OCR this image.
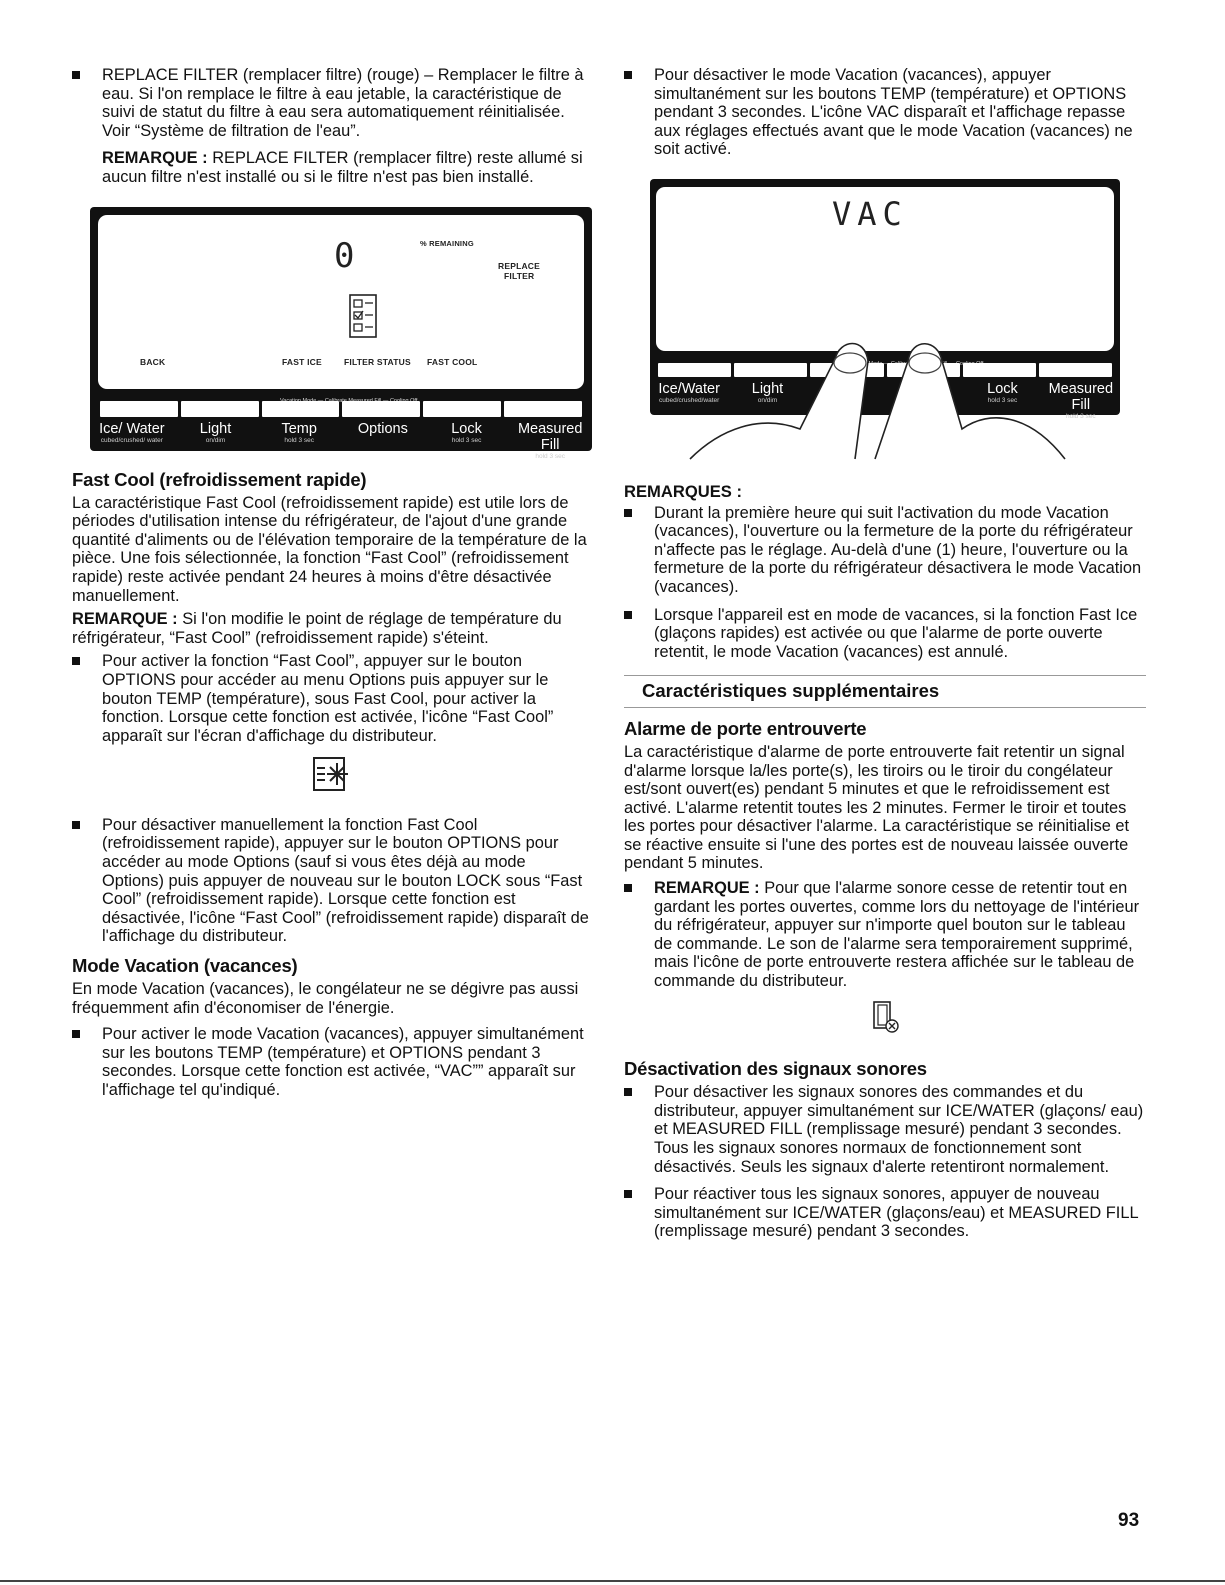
REPLACE FILTER (remplacer filtre) (rouge) – Remplacer le filtre à eau. Si l'on remplace le filtre à eau jetable, la caractéristique de suivi de statut du filtre à eau sera automatiquement réinitialisée. Voir “Système de filtration de l'eau”.

REMARQUE : REPLACE FILTER (remplacer filtre) reste allumé si aucun filtre n'est installé ou si le filtre n'est pas bien installé.

0	% REMAINING
REPLACE
FILTER
BACK	FAST ICE	FILTER STATUS FAST COOL
Ice/ Water
cubed/crushed/ water
Light
on/dim
Temp
hold 3 sec
Options	Lock
hold 3 sec
Measured Fill
hold 3 sec
Fast Cool (refroidissement rapide)

La caractéristique Fast Cool (refroidissement rapide) est utile lors de périodes d'utilisation intense du réfrigérateur, de l'ajout d'une grande quantité d'aliments ou de l'élévation temporaire de la température de la pièce. Une fois sélectionnée, la fonction “Fast Cool” (refroidissement rapide) reste activée pendant 24 heures à moins d'être désactivée manuellement.

REMARQUE : Si l'on modifie le point de réglage de température du réfrigérateur, “Fast Cool” (refroidissement rapide) s'éteint.

Pour activer la fonction “Fast Cool”, appuyer sur le bouton OPTIONS pour accéder au menu Options puis appuyer sur le bouton TEMP (température), sous Fast Cool, pour activer la fonction. Lorsque cette fonction est activée, l'icône “Fast Cool” apparaît sur l'écran d'affichage du distributeur.
Pour désactiver manuellement la fonction Fast Cool (refroidissement rapide), appuyer sur le bouton OPTIONS pour accéder au mode Options (sauf si vous êtes déjà au mode Options) puis appuyer de nouveau sur le bouton LOCK sous “Fast Cool” (refroidissement rapide). Lorsque cette fonction est désactivée, l'icône “Fast Cool” (refroidissement rapide) disparaît de l'affichage du distributeur.
Mode Vacation (vacances)

En mode Vacation (vacances), le congélateur ne se dégivre pas aussi fréquemment afin d'économiser de l'énergie.

Pour activer le mode Vacation (vacances), appuyer simultanément sur les boutons TEMP (température) et OPTIONS pendant 3 secondes. Lorsque cette fonction est activée, “VAC”” apparaît sur l'affichage tel qu'indiqué.
Pour désactiver le mode Vacation (vacances), appuyer simultanément sur les boutons TEMP (température) et OPTIONS pendant 3 secondes. L'icône VAC disparaît et l'affichage repasse aux réglages effectués avant que le mode Vacation (vacances) ne soit activé.
VAC
Ice/Water
cubed/crushed/water
Light
on/dim
Lock
hold 3 sec
Measured Fill
hold 3 sec
REMARQUES :
Durant la première heure qui suit l'activation du mode Vacation (vacances), l'ouverture ou la fermeture de la porte du réfrigérateur n'affecte pas le réglage. Au-delà d'une (1) heure, l'ouverture ou la fermeture de la porte du réfrigérateur désactivera le mode Vacation (vacances).
Lorsque l'appareil est en mode de vacances, si la fonction Fast Ice (glaçons rapides) est activée ou que l'alarme de porte ouverte retentit, le mode Vacation (vacances) est annulé.
Caractéristiques supplémentaires
Alarme de porte entrouverte

La caractéristique d'alarme de porte entrouverte fait retentir un signal d'alarme lorsque la/les porte(s), les tiroirs ou le tiroir du congélateur est/sont ouvert(es) pendant 5 minutes et que le refroidissement est activé. L'alarme retentit toutes les 2 minutes. Fermer le tiroir et toutes les portes pour désactiver l'alarme. La caractéristique se réinitialise et se réactive ensuite si l'une des portes est de nouveau laissée ouverte pendant 5 minutes.

REMARQUE : Pour que l'alarme sonore cesse de retentir tout en gardant les portes ouvertes, comme lors du nettoyage de l'intérieur du réfrigérateur, appuyer sur n'importe quel bouton sur le tableau de commande. Le son de l'alarme sera temporairement supprimé, mais l'icône de porte entrouverte restera affichée sur le tableau de commande du distributeur.
Désactivation des signaux sonores
Pour désactiver les signaux sonores des commandes et du distributeur, appuyer simultanément sur ICE/WATER (glaçons/ eau) et MEASURED FILL (remplissage mesuré) pendant 3 secondes. Tous les signaux sonores normaux de fonctionnement sont désactivés. Seuls les signaux d'alerte retentiront normalement.
Pour réactiver tous les signaux sonores, appuyer de nouveau simultanément sur ICE/WATER (glaçons/eau) et MEASURED FILL (remplissage mesuré) pendant 3 secondes.
93
